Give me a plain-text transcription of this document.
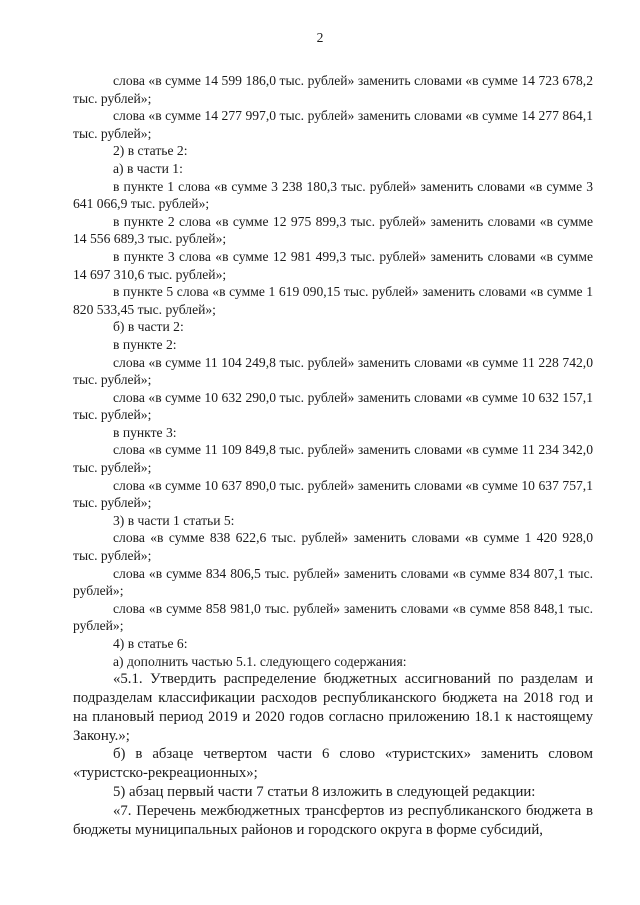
2

слова «в сумме 14 599 186,0 тыс. рублей» заменить словами «в сумме 14 723 678,2 тыс. рублей»;

слова «в сумме 14 277 997,0 тыс. рублей» заменить словами «в сумме 14 277 864,1 тыс. рублей»;

2) в статье 2:

а) в части 1:

в пункте 1 слова «в сумме 3 238 180,3 тыс. рублей» заменить словами «в сумме 3 641 066,9 тыс. рублей»;

в пункте 2 слова «в сумме 12 975 899,3 тыс. рублей» заменить словами «в сумме 14 556 689,3 тыс. рублей»;

в пункте 3 слова «в сумме 12 981 499,3 тыс. рублей» заменить словами «в сумме 14 697 310,6 тыс. рублей»;

в пункте 5 слова «в сумме 1 619 090,15 тыс. рублей» заменить словами «в сумме 1 820 533,45 тыс. рублей»;

б) в части 2:

в пункте 2:

слова «в сумме 11 104 249,8 тыс. рублей» заменить словами «в сумме 11 228 742,0 тыс. рублей»;

слова «в сумме 10 632 290,0 тыс. рублей» заменить словами «в сумме 10 632 157,1 тыс. рублей»;

в пункте 3:

слова «в сумме 11 109 849,8 тыс. рублей» заменить словами «в сумме 11 234 342,0 тыс. рублей»;

слова «в сумме 10 637 890,0 тыс. рублей» заменить словами «в сумме 10 637 757,1 тыс. рублей»;

3) в части 1 статьи 5:

слова «в сумме 838 622,6 тыс. рублей» заменить словами «в сумме 1 420 928,0 тыс. рублей»;

слова «в сумме 834 806,5 тыс. рублей» заменить словами «в сумме 834 807,1 тыс. рублей»;

слова «в сумме 858 981,0 тыс. рублей» заменить словами «в сумме 858 848,1 тыс. рублей»;

4) в статье 6:

а) дополнить частью 5.1. следующего содержания:

«5.1. Утвердить распределение бюджетных ассигнований по разделам и подразделам классификации расходов республиканского бюджета на 2018 год и на плановый период 2019 и 2020 годов согласно приложению 18.1 к настоящему Закону.»;

б) в абзаце четвертом части 6 слово «туристских» заменить словом «туристско-рекреационных»;

5) абзац первый части 7 статьи 8 изложить в следующей редакции:

«7. Перечень межбюджетных трансфертов из республиканского бюджета в бюджеты муниципальных районов и городского округа в форме субсидий,
